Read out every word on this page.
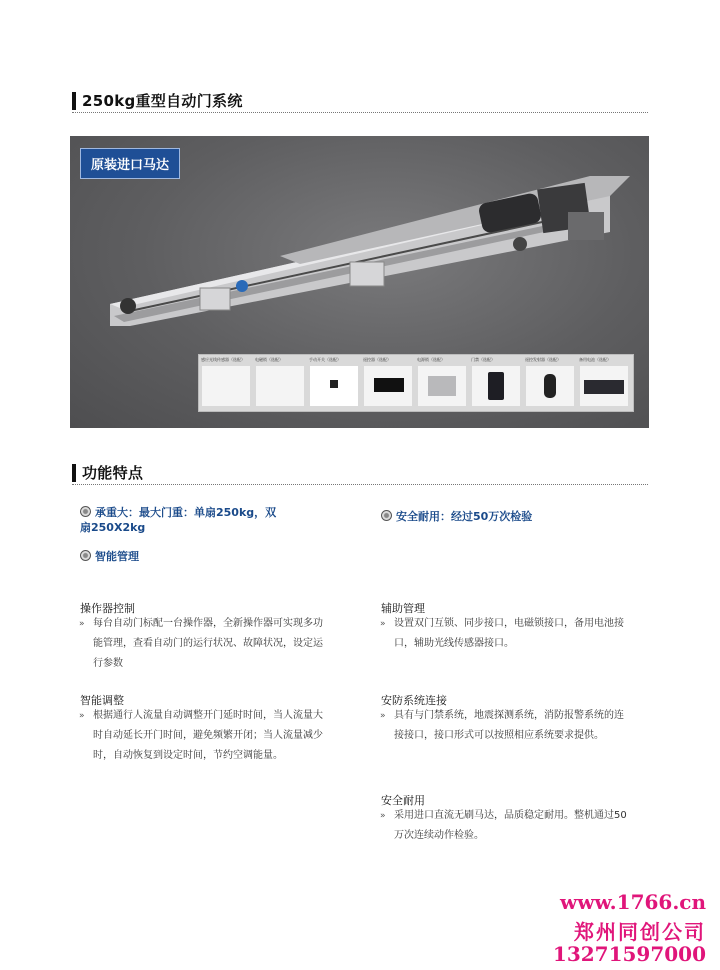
250kg重型自动门系统
原装进口马达
感应光线传感器（选配）	电磁锁（选配）	手动开关（选配）	遥控器（选配）	电源锁（选配）	门禁（选配）	遥控发射器（选配）	备用电池（选配）
功能特点
承重大：最大门重：单扇250kg，双扇250X2kg
智能管理
安全耐用：经过50万次检验
操作器控制
» 每台自动门标配一台操作器，全新操作器可实现多功
能管理，查看自动门的运行状况、故障状况，设定运
行参数
智能调整
» 根据通行人流量自动调整开门延时时间，当人流量大
时自动延长开门时间，避免频繁开闭；当人流量减少
时，自动恢复到设定时间，节约空调能量。
辅助管理
» 设置双门互锁、同步接口，电磁锁接口，备用电池接
口，辅助光线传感器接口。
安防系统连接
» 具有与门禁系统，地震探测系统，消防报警系统的连
接接口，接口形式可以按照相应系统要求提供。
安全耐用
» 采用进口直流无刷马达，品质稳定耐用。整机通过50
万次连续动作检验。
www.1766.cn
郑州同创公司
13271597000
